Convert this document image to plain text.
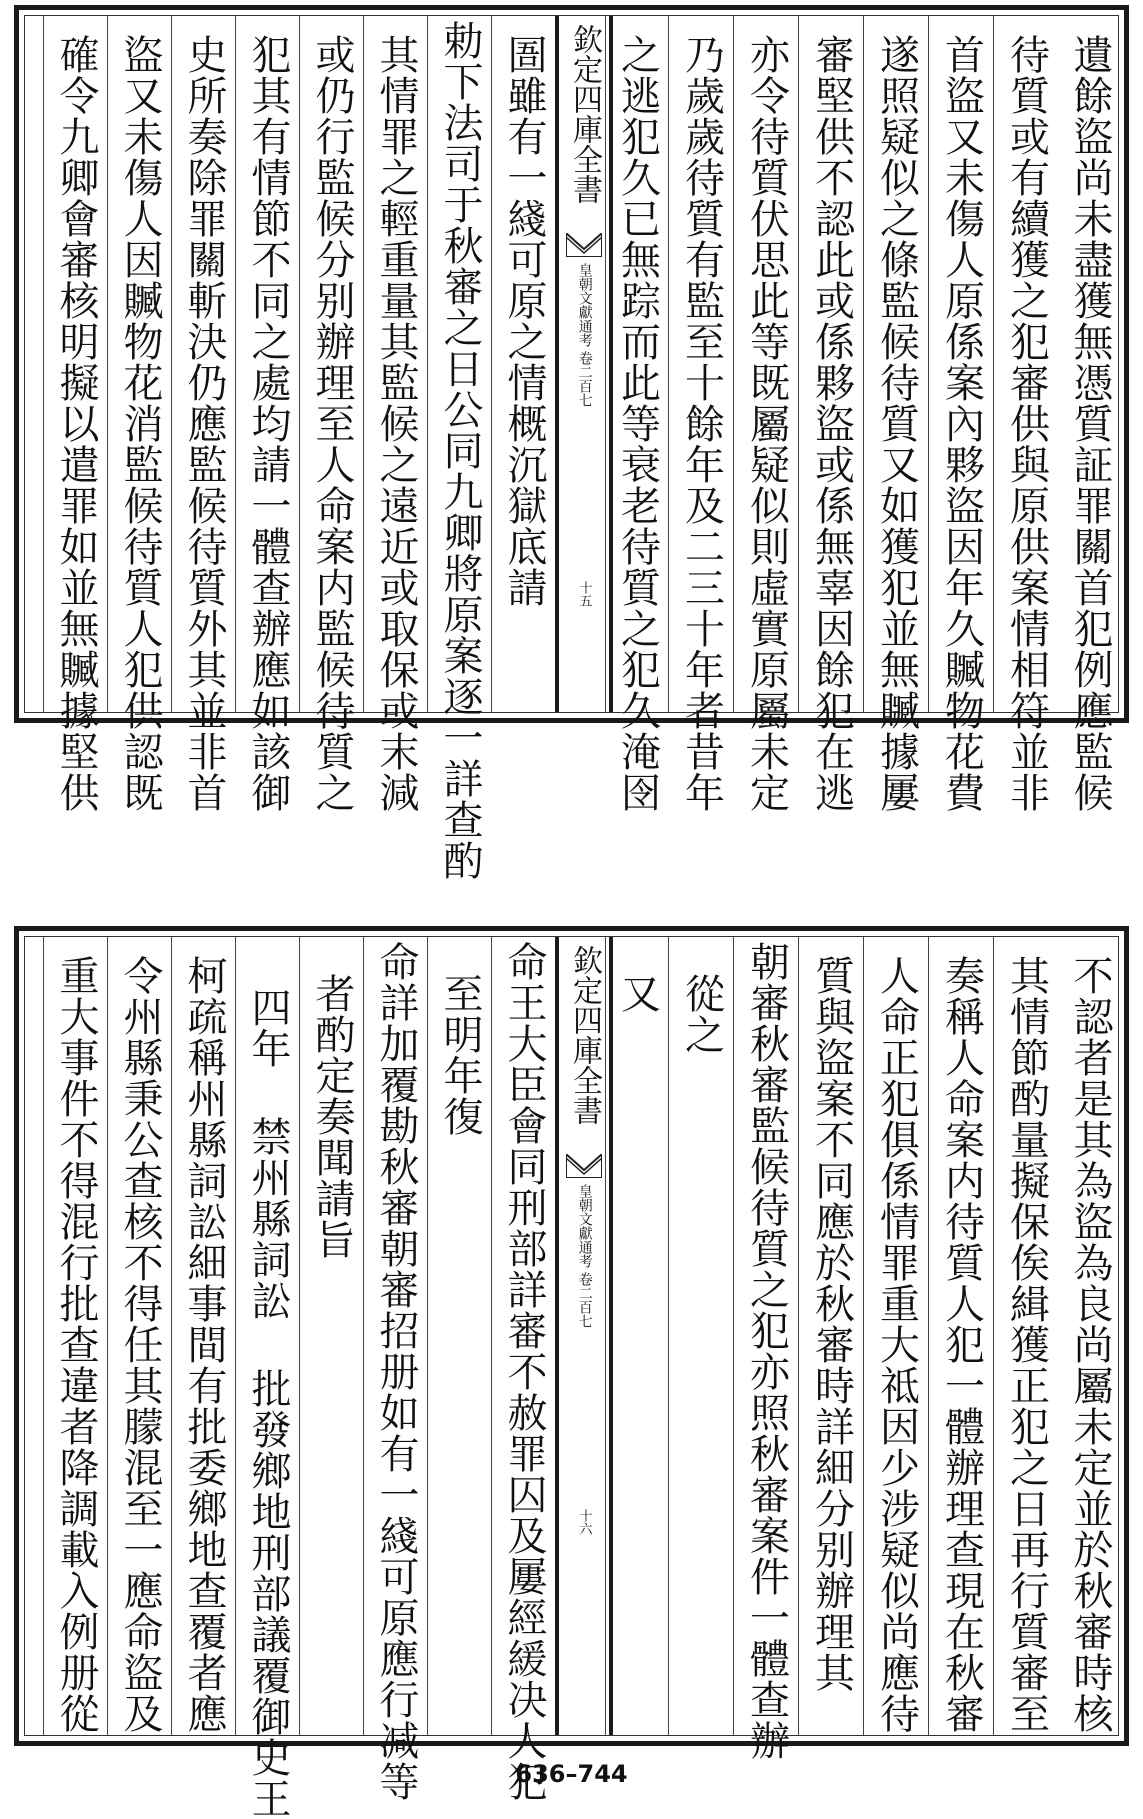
遺餘盜尚未盡獲無憑質証罪關首犯例應監候
待質或有續獲之犯審供與原供案情相符並非
首盜又未傷人原係案內夥盜因年久贓物花費
遂照疑似之條監候待質又如獲犯並無贓據屢
審堅供不認此或係夥盜或係無辜因餘犯在逃
亦令待質伏思此等既屬疑似則虛實原屬未定
乃歲歲待質有監至十餘年及二三十年者昔年
之逃犯久已無踪而此等衰老待質之犯久淹囹
欽定四庫全書
皇朝文獻通考
卷二百七
十五
圄雖有一綫可原之情概沉獄底請
勅下法司于秋審之日公同九卿將原案逐一詳查酌
其情罪之輕重量其監候之遠近或取保或末減
或仍行監候分别辦理至人命案内監候待質之
犯其有情節不同之處均請一體查辦應如該御
史所奏除罪關斬決仍應監候待質外其並非首
盜又未傷人因贓物花消監候待質人犯供認既
確令九卿會審核明擬以遣罪如並無贓據堅供
不認者是其為盜為良尚屬未定並於秋審時核
其情節酌量擬保俟緝獲正犯之日再行質審至
奏稱人命案内待質人犯一體辦理查現在秋審
人命正犯俱係情罪重大祗因少涉疑似尚應待
質與盜案不同應於秋審時詳細分别辦理其
朝審秋審監候待質之犯亦照秋審案件一體查辦
從之
又
欽定四庫全書
皇朝文獻通考
卷二百七
十六
命王大臣會同刑部詳審不赦罪囚及屢經緩决人犯
至明年復
命詳加覆勘秋審朝審招册如有一綫可原應行减等
者酌定奏聞請旨
四年 禁州縣詞訟 批發鄉地刑部議覆御史王
柯疏稱州縣詞訟細事間有批委鄉地查覆者應
令州縣秉公查核不得任其朦混至一應命盜及
重大事件不得混行批查違者降調載入例册從
636–744
